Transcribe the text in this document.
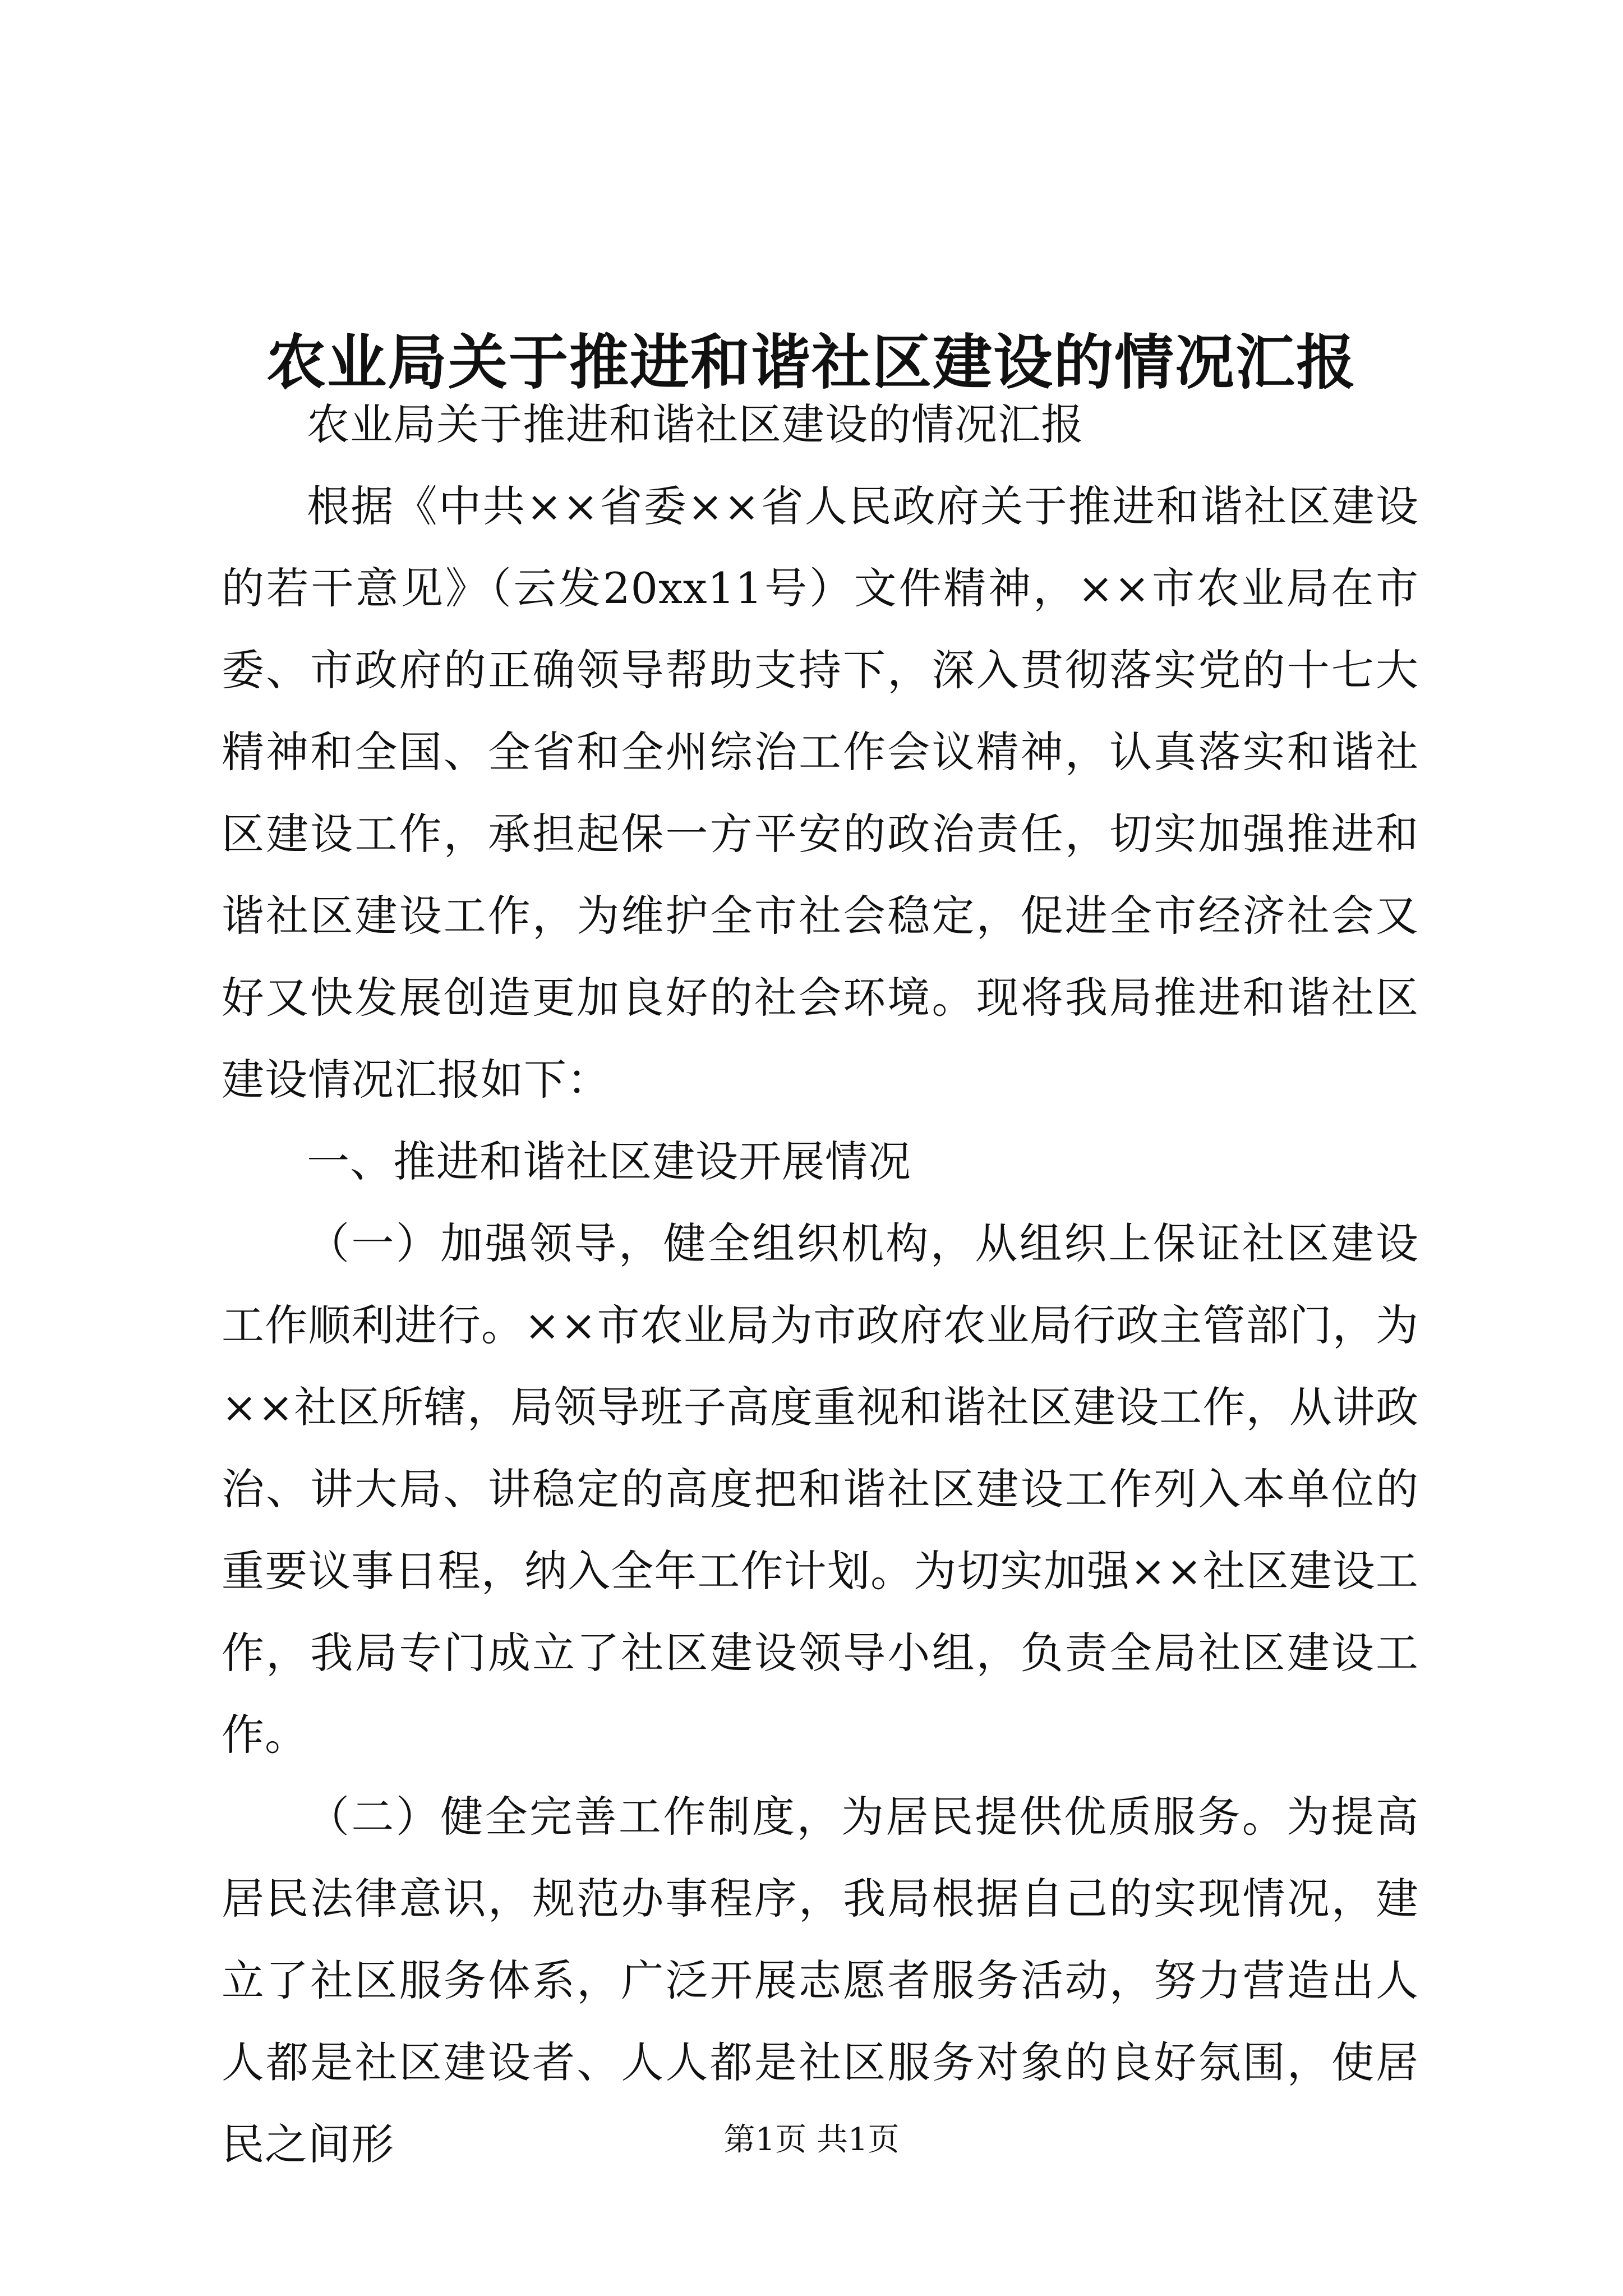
农业局关于推进和谐社区建设的情况汇报

农业局关于推进和谐社区建设的情况汇报

根据《中共××省委××省人民政府关于推进和谐社区建设的若干意见》（云发20xx11号）文件精神，××市农业局在市委、市政府的正确领导帮助支持下，深入贯彻落实党的十七大精神和全国、全省和全州综治工作会议精神，认真落实和谐社区建设工作，承担起保一方平安的政治责任，切实加强推进和谐社区建设工作，为维护全市社会稳定，促进全市经济社会又好又快发展创造更加良好的社会环境。现将我局推进和谐社区建设情况汇报如下：

一、推进和谐社区建设开展情况

（一）加强领导，健全组织机构，从组织上保证社区建设工作顺利进行。××市农业局为市政府农业局行政主管部门，为××社区所辖，局领导班子高度重视和谐社区建设工作，从讲政治、讲大局、讲稳定的高度把和谐社区建设工作列入本单位的重要议事日程，纳入全年工作计划。为切实加强××社区建设工作，我局专门成立了社区建设领导小组，负责全局社区建设工作。

（二）健全完善工作制度，为居民提供优质服务。为提高居民法律意识，规范办事程序，我局根据自己的实现情况，建立了社区服务体系，广泛开展志愿者服务活动，努力营造出人人都是社区建设者、人人都是社区服务对象的良好氛围，使居民之间形	第1页 共1页
